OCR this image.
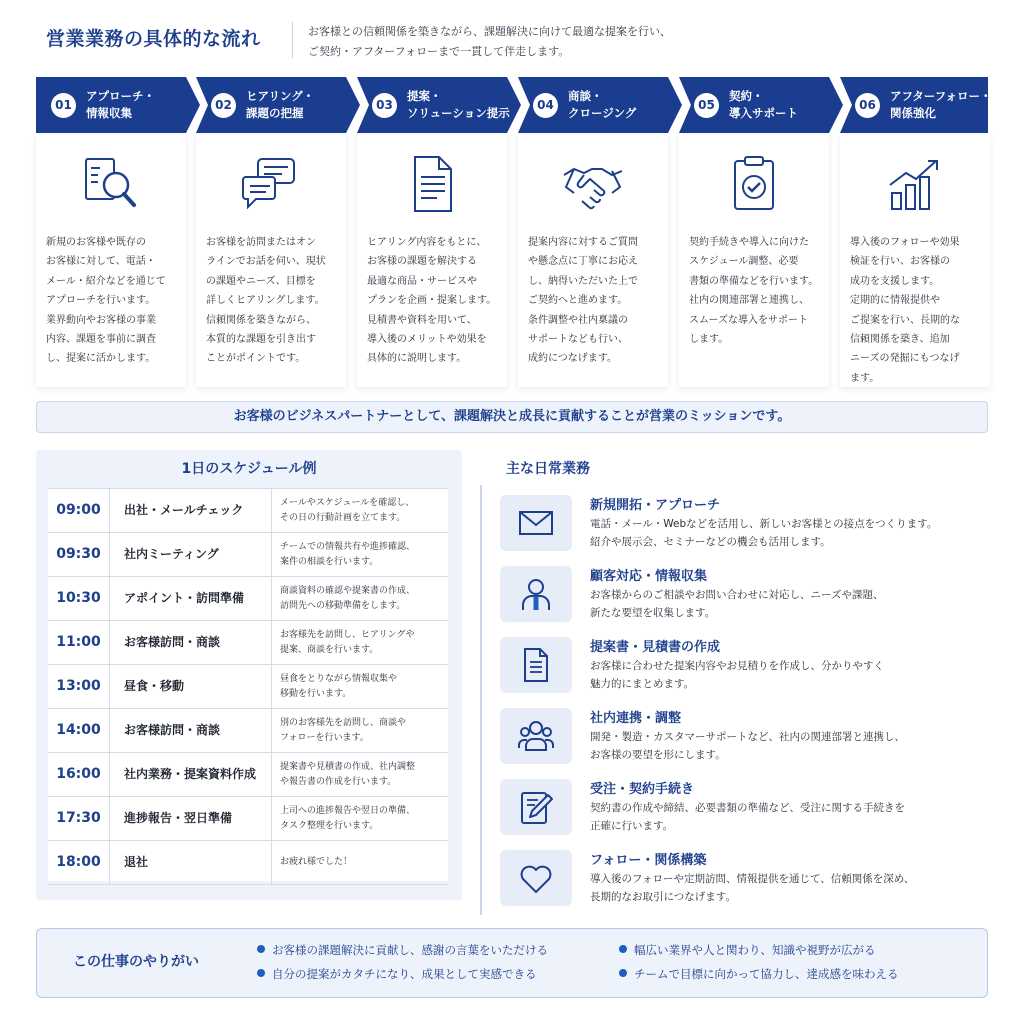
営業業務の具体的な流れ	お客様との信頼関係を築きながら、課題解決に向けて最適な提案を行い、
ご契約・アフターフォローまで一貫して伴走します。
01
アプローチ・
情報収集
新規のお客様や既存の
お客様に対して、電話・
メール・紹介などを通じて
アプローチを行います。
業界動向やお客様の事業
内容、課題を事前に調査
し、提案に活かします。
02
ヒアリング・
課題の把握
お客様を訪問またはオン
ラインでお話を伺い、現状
の課題やニーズ、目標を
詳しくヒアリングします。
信頼関係を築きながら、
本質的な課題を引き出す
ことがポイントです。
03
提案・
ソリューション提示
ヒアリング内容をもとに、
お客様の課題を解決する
最適な商品・サービスや
プランを企画・提案します。
見積書や資料を用いて、
導入後のメリットや効果を
具体的に説明します。
04
商談・
クロージング
提案内容に対するご質問
や懸念点に丁寧にお応え
し、納得いただいた上で
ご契約へと進めます。
条件調整や社内稟議の
サポートなども行い、
成約につなげます。
05
契約・
導入サポート
契約手続きや導入に向けた
スケジュール調整、必要
書類の準備などを行います。
社内の関連部署と連携し、
スムーズな導入をサポート
します。
06
アフターフォロー・
関係強化
導入後のフォローや効果
検証を行い、お客様の
成功を支援します。
定期的に情報提供や
ご提案を行い、長期的な
信頼関係を築き、追加
ニーズの発掘にもつなげ
ます。
お客様のビジネスパートナーとして、課題解決と成長に貢献することが営業のミッションです。
1日のスケジュール例
09:00	出社・メールチェック	メールやスケジュールを確認し、
その日の行動計画を立てます。
09:30	社内ミーティング	チームでの情報共有や進捗確認、
案件の相談を行います。
10:30	アポイント・訪問準備	商談資料の確認や提案書の作成、
訪問先への移動準備をします。
11:00	お客様訪問・商談	お客様先を訪問し、ヒアリングや
提案、商談を行います。
13:00	昼食・移動	昼食をとりながら情報収集や
移動を行います。
14:00	お客様訪問・商談	別のお客様先を訪問し、商談や
フォローを行います。
16:00	社内業務・提案資料作成	提案書や見積書の作成、社内調整
や報告書の作成を行います。
17:30	進捗報告・翌日準備	上司への進捗報告や翌日の準備、
タスク整理を行います。
18:00	退社	お疲れ様でした！
主な日常業務
新規開拓・アプローチ
電話・メール・Webなどを活用し、新しいお客様との接点をつくります。
紹介や展示会、セミナーなどの機会も活用します。
顧客対応・情報収集
お客様からのご相談やお問い合わせに対応し、ニーズや課題、
新たな要望を収集します。
提案書・見積書の作成
お客様に合わせた提案内容やお見積りを作成し、分かりやすく
魅力的にまとめます。
社内連携・調整
開発・製造・カスタマーサポートなど、社内の関連部署と連携し、
お客様の要望を形にします。
受注・契約手続き
契約書の作成や締結、必要書類の準備など、受注に関する手続きを
正確に行います。
フォロー・関係構築
導入後のフォローや定期訪問、情報提供を通じて、信頼関係を深め、
長期的なお取引につなげます。
この仕事のやりがい
お客様の課題解決に貢献し、感謝の言葉をいただける
自分の提案がカタチになり、成果として実感できる
幅広い業界や人と関わり、知識や視野が広がる
チームで目標に向かって協力し、達成感を味わえる
